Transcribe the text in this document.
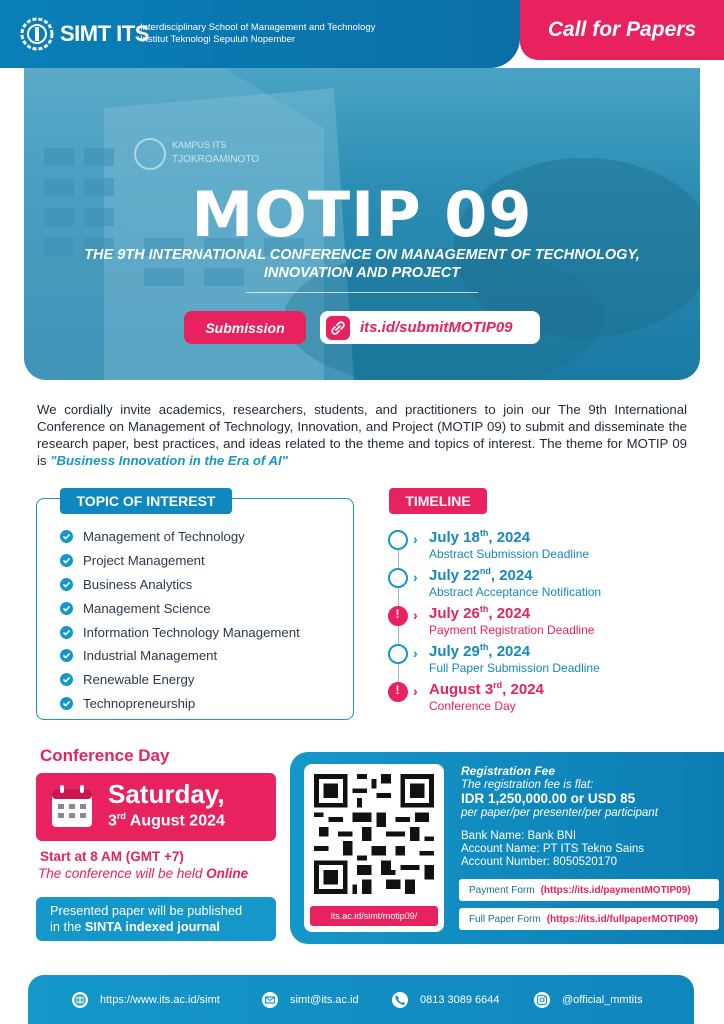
SIMT ITS
Interdisciplinary School of Management and Technology
Institut Teknologi Sepuluh Nopember	Call for Papers
KAMPUS ITS
TJOKROAMINOTO
MOTIP 09
THE 9TH INTERNATIONAL CONFERENCE ON MANAGEMENT OF TECHNOLOGY, INNOVATION AND PROJECT
Submission	its.id/submitMOTIP09

We cordially invite academics, researchers, students, and practitioners to join our The 9th International Conference on Management of Technology, Innovation, and Project (MOTIP 09) to submit and disseminate the research paper, best practices, and ideas related to the theme and topics of interest. The theme for MOTIP 09 is "Business Innovation in the Era of AI"

TOPIC OF INTEREST
Management of Technology
Project Management
Business Analytics
Management Science
Information Technology Management
Industrial Management
Renewable Energy
Technopreneurship
TIMELINE
› July 18th, 2024
Abstract Submission Deadline
› July 22nd, 2024
Abstract Acceptance Notification
!
› July 26th, 2024
Payment Registration Deadline
› July 29th, 2024
Full Paper Submission Deadline
!
› August 3rd, 2024
Conference Day
Conference Day
Saturday,
3rd August 2024
Start at 8 AM (GMT +7)
The conference will be held Online
Presented paper will be published
in the SINTA indexed journal
its.ac.id/simt/motip09/
Registration Fee
The registration fee is flat:
IDR 1,250,000.00 or USD 85
per paper/per presenter/per participant
Bank Name: Bank BNI
Account Name: PT ITS Tekno Sains
Account Number: 8050520170
Payment Form (https://its.id/paymentMOTIP09)
Full Paper Form (https://its.id/fullpaperMOTIP09)
https://www.its.ac.id/simt	simt@its.ac.id	0813 3089 6644	@official_mmtits
